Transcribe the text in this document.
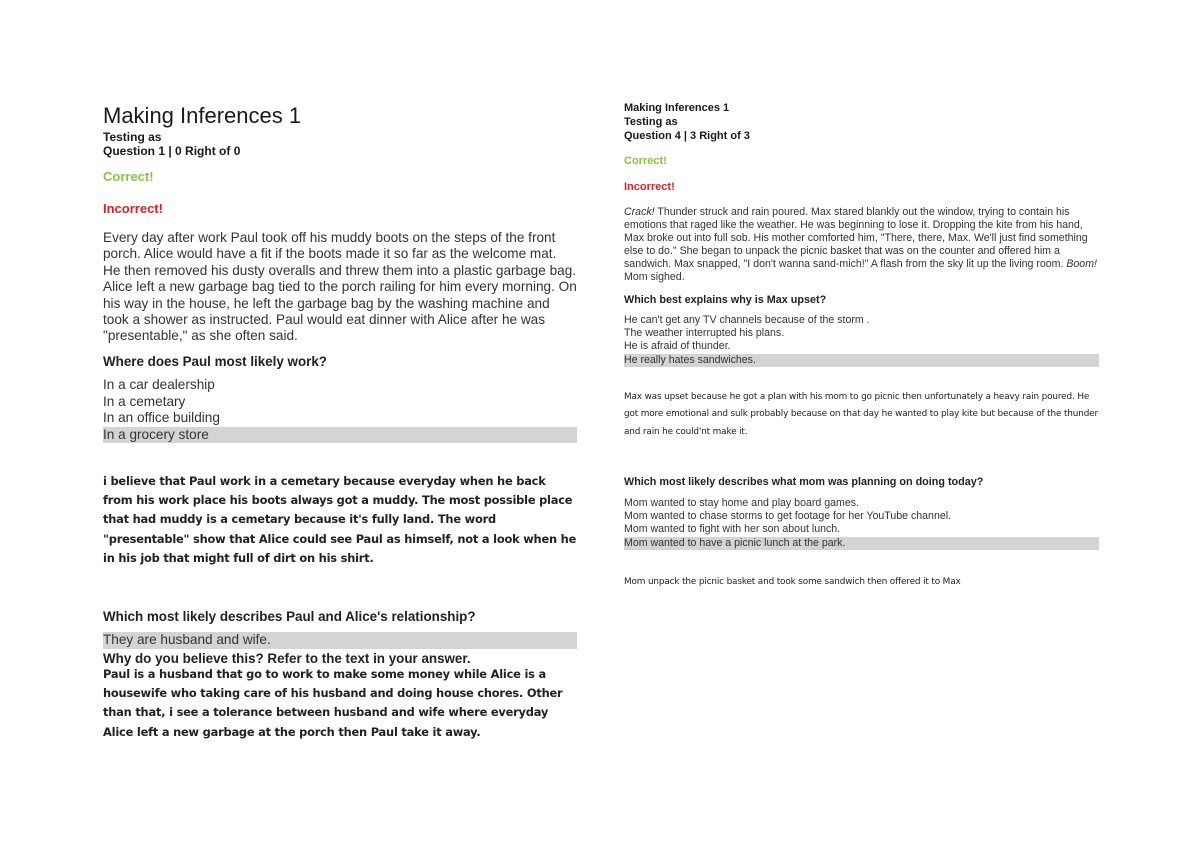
Making Inferences 1
Testing as
Question 1 | 0 Right of 0
Correct!
Incorrect!
Every day after work Paul took off his muddy boots on the steps of the front porch. Alice would have a fit if the boots made it so far as the welcome mat. He then removed his dusty overalls and threw them into a plastic garbage bag. Alice left a new garbage bag tied to the porch railing for him every morning. On his way in the house, he left the garbage bag by the washing machine and took a shower as instructed. Paul would eat dinner with Alice after he was "presentable," as she often said.
Where does Paul most likely work?
In a car dealership
In a cemetary
In an office building
In a grocery store
i believe that Paul work in a cemetary because everyday when he back from his work place his boots always got a muddy. The most possible place that had muddy is a cemetary because it's fully land. The word "presentable" show that Alice could see Paul as himself, not a look when he in his job that might full of dirt on his shirt.
Which most likely describes Paul and Alice's relationship?
They are husband and wife.
Why do you believe this? Refer to the text in your answer.
Paul is a husband that go to work to make some money while Alice is a housewife who taking care of his husband and doing house chores. Other than that, i see a tolerance between husband and wife where everyday Alice left a new garbage at the porch then Paul take it away.
Making Inferences 1
Testing as
Question 4 | 3 Right of 3
Correct!
Incorrect!
Crack! Thunder struck and rain poured. Max stared blankly out the window, trying to contain his emotions that raged like the weather. He was beginning to lose it. Dropping the kite from his hand, Max broke out into full sob. His mother comforted him, "There, there, Max. We'll just find something else to do." She began to unpack the picnic basket that was on the counter and offered him a sandwich. Max snapped, "I don't wanna sand-mich!" A flash from the sky lit up the living room. Boom! Mom sighed.
Which best explains why is Max upset?
He can't get any TV channels because of the storm .
The weather interrupted his plans.
He is afraid of thunder.
He really hates sandwiches.
Max was upset because he got a plan with his mom to go picnic then unfortunately a heavy rain poured. He got more emotional and sulk probably because on that day he wanted to play kite but because of the thunder and rain he could'nt make it.
Which most likely describes what mom was planning on doing today?
Mom wanted to stay home and play board games.
Mom wanted to chase storms to get footage for her YouTube channel.
Mom wanted to fight with her son about lunch.
Mom wanted to have a picnic lunch at the park.
Mom unpack the picnic basket and took some sandwich then offered it to Max
